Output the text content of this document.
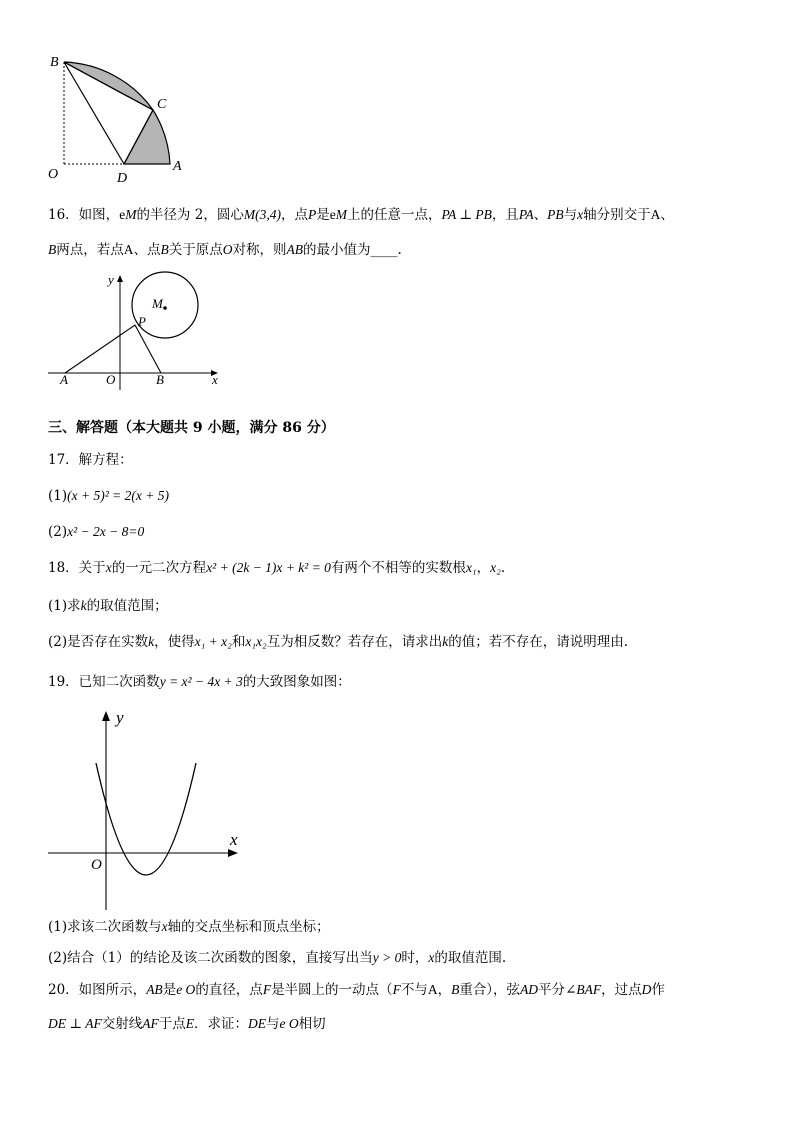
B
C
O	D
A
16．如图，eM的半径为 2，圆心M(3,4)，点P是eM上的任意一点，PA ⊥ PB，且PA、PB与x轴分别交于A、
B两点，若点A、点B关于原点O对称，则AB的最小值为____.
y
M
P
A	O	B	x
三、解答题（本大题共 9 小题，满分 86 分）
17．解方程：
(1)(x + 5)² = 2(x + 5)
(2)x² − 2x − 8=0
18．关于x的一元二次方程x² + (2k − 1)x + k² = 0有两个不相等的实数根x₁，x₂.
(1)求k的取值范围；
(2)是否存在实数k，使得x₁ + x₂和x₁x₂互为相反数？若存在，请求出k的值；若不存在，请说明理由.
19．已知二次函数y = x² − 4x + 3的大致图象如图：
y
x
O
(1)求该二次函数与x轴的交点坐标和顶点坐标；
(2)结合（1）的结论及该二次函数的图象，直接写出当y > 0时，x的取值范围.
20．如图所示，AB是e O的直径，点F是半圆上的一动点（F不与A，B重合），弦AD平分∠BAF，过点D作
DE ⊥ AF交射线AF于点E．求证：DE与e O相切
